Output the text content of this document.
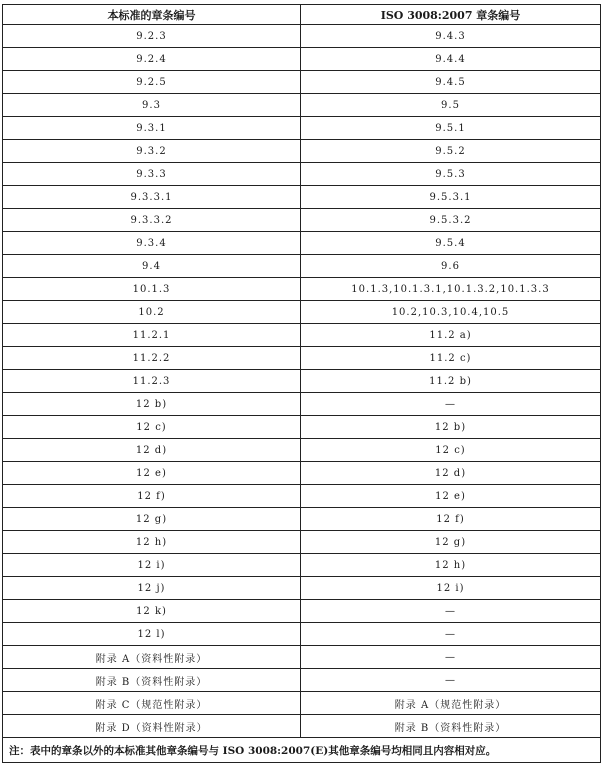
本标准的章条编号	ISO 3008:2007 章条编号
9.2.3	9.4.3
9.2.4	9.4.4
9.2.5	9.4.5
9.3	9.5
9.3.1	9.5.1
9.3.2	9.5.2
9.3.3	9.5.3
9.3.3.1	9.5.3.1
9.3.3.2	9.5.3.2
9.3.4	9.5.4
9.4	9.6
10.1.3	10.1.3,10.1.3.1,10.1.3.2,10.1.3.3
10.2	10.2,10.3,10.4,10.5
11.2.1	11.2 a)
11.2.2	11.2 c)
11.2.3	11.2 b)
12 b)	—
12 c)	12 b)
12 d)	12 c)
12 e)	12 d)
12 f)	12 e)
12 g)	12 f)
12 h)	12 g)
12 i)	12 h)
12 j)	12 i)
12 k)	—
12 l)	—
附录 A（资料性附录）	—
附录 B（资料性附录）	—
附录 C（规范性附录）	附录 A（规范性附录）
附录 D（资料性附录）	附录 B（资料性附录）
注：表中的章条以外的本标准其他章条编号与 ISO 3008:2007(E)其他章条编号均相同且内容相对应。	
